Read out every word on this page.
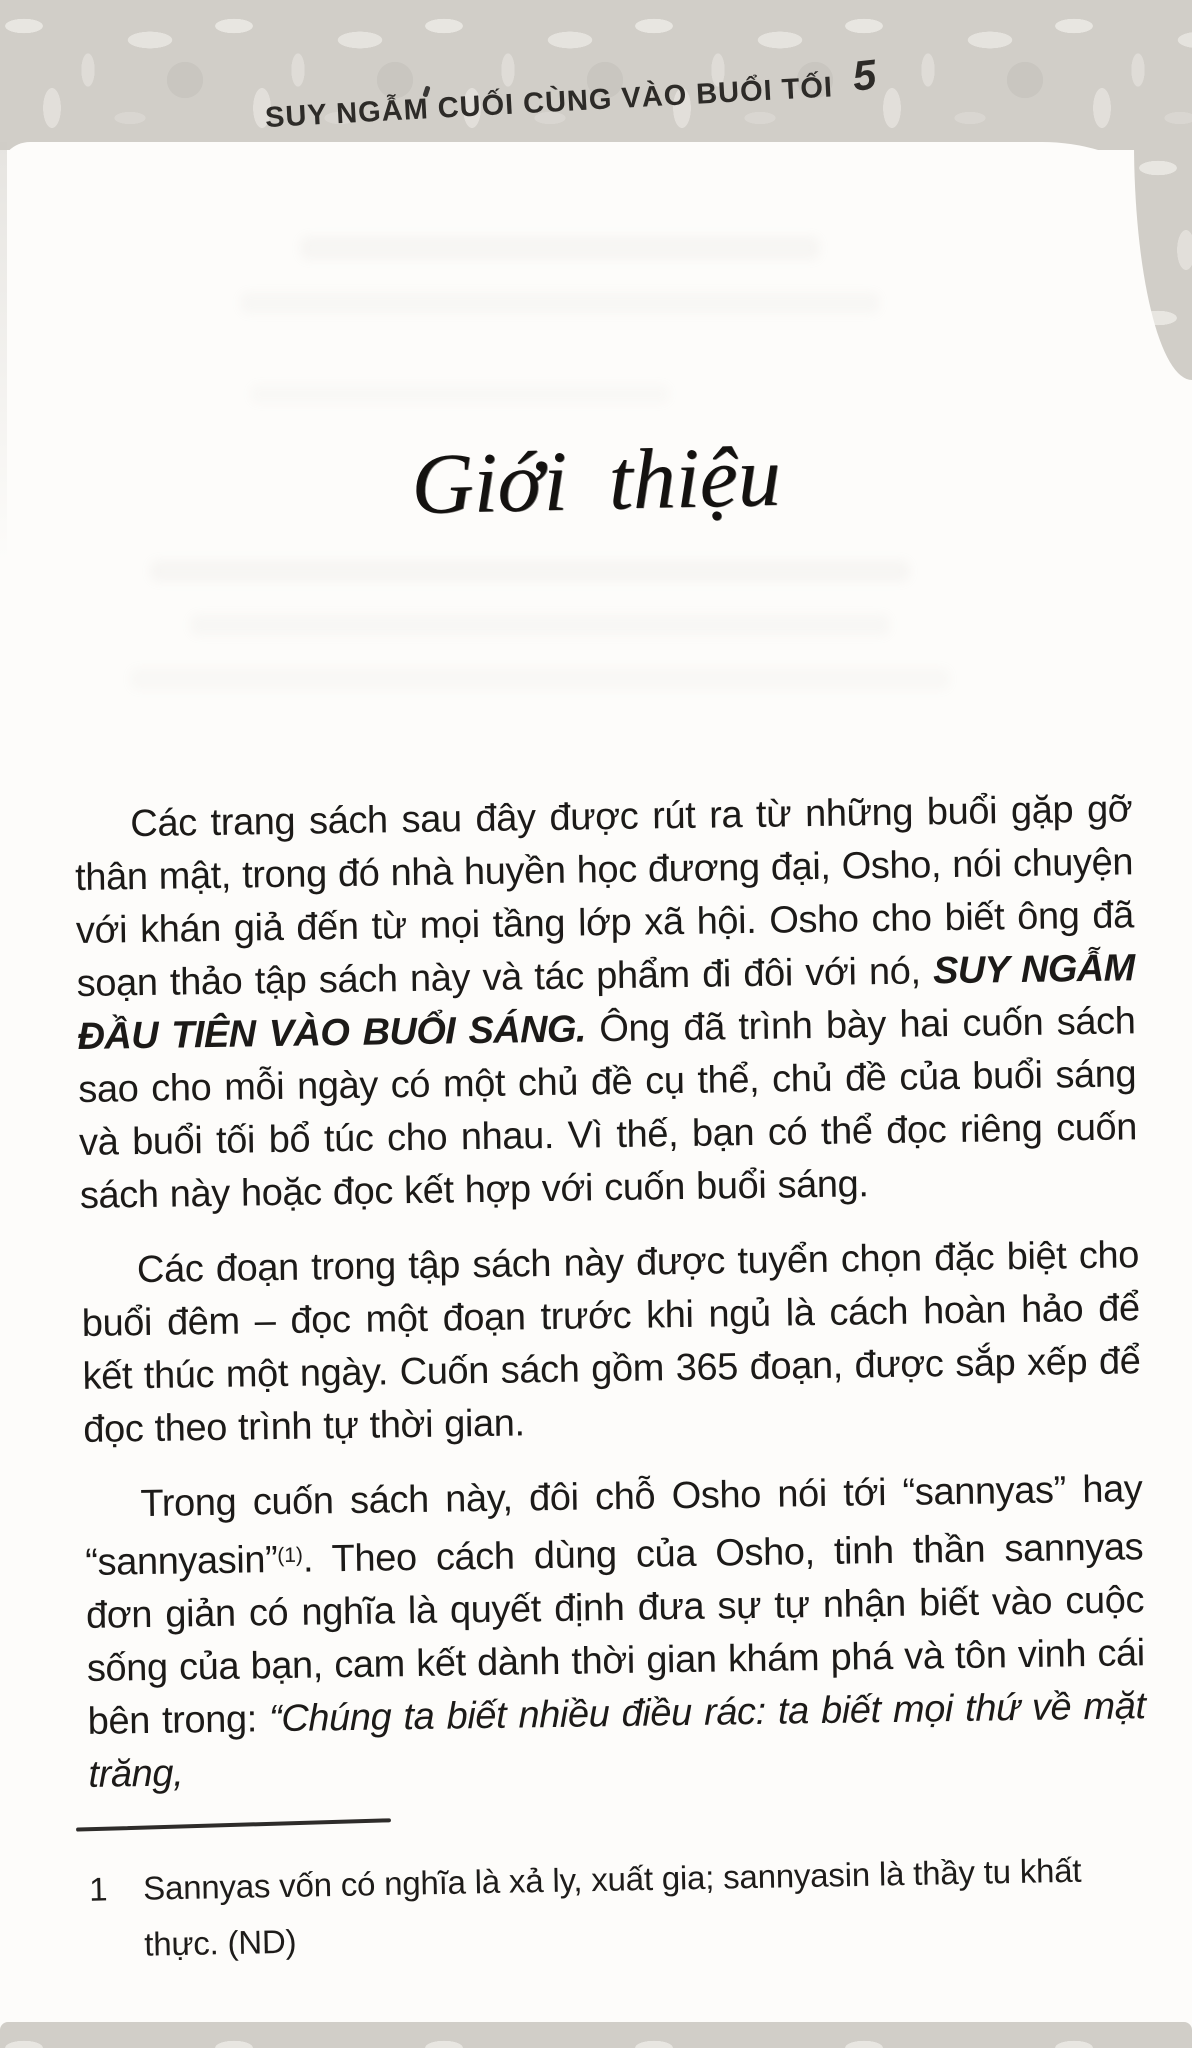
SUY NGẪM CUỐI CÙNG VÀO BUỔI TỐI 5
Giới thiệu

Các trang sách sau đây được rút ra từ những buổi gặp gỡ thân mật, trong đó nhà huyền học đương đại, Osho, nói chuyện với khán giả đến từ mọi tầng lớp xã hội. Osho cho biết ông đã soạn thảo tập sách này và tác phẩm đi đôi với nó, SUY NGẪM ĐẦU TIÊN VÀO BUỔI SÁNG. Ông đã trình bày hai cuốn sách sao cho mỗi ngày có một chủ đề cụ thể, chủ đề của buổi sáng và buổi tối bổ túc cho nhau. Vì thế, bạn có thể đọc riêng cuốn sách này hoặc đọc kết hợp với cuốn buổi sáng.

Các đoạn trong tập sách này được tuyển chọn đặc biệt cho buổi đêm – đọc một đoạn trước khi ngủ là cách hoàn hảo để kết thúc một ngày. Cuốn sách gồm 365 đoạn, được sắp xếp để đọc theo trình tự thời gian.

Trong cuốn sách này, đôi chỗ Osho nói tới “sannyas” hay “sannyasin”$^{(1)}$. Theo cách dùng của Osho, tinh thần sannyas đơn giản có nghĩa là quyết định đưa sự tự nhận biết vào cuộc sống của bạn, cam kết dành thời gian khám phá và tôn vinh cái bên trong: “Chúng ta biết nhiều điều rác: ta biết mọi thứ về mặt trăng,

1	Sannyas vốn có nghĩa là xả ly, xuất gia; sannyasin là thầy tu khất thực. (ND)
